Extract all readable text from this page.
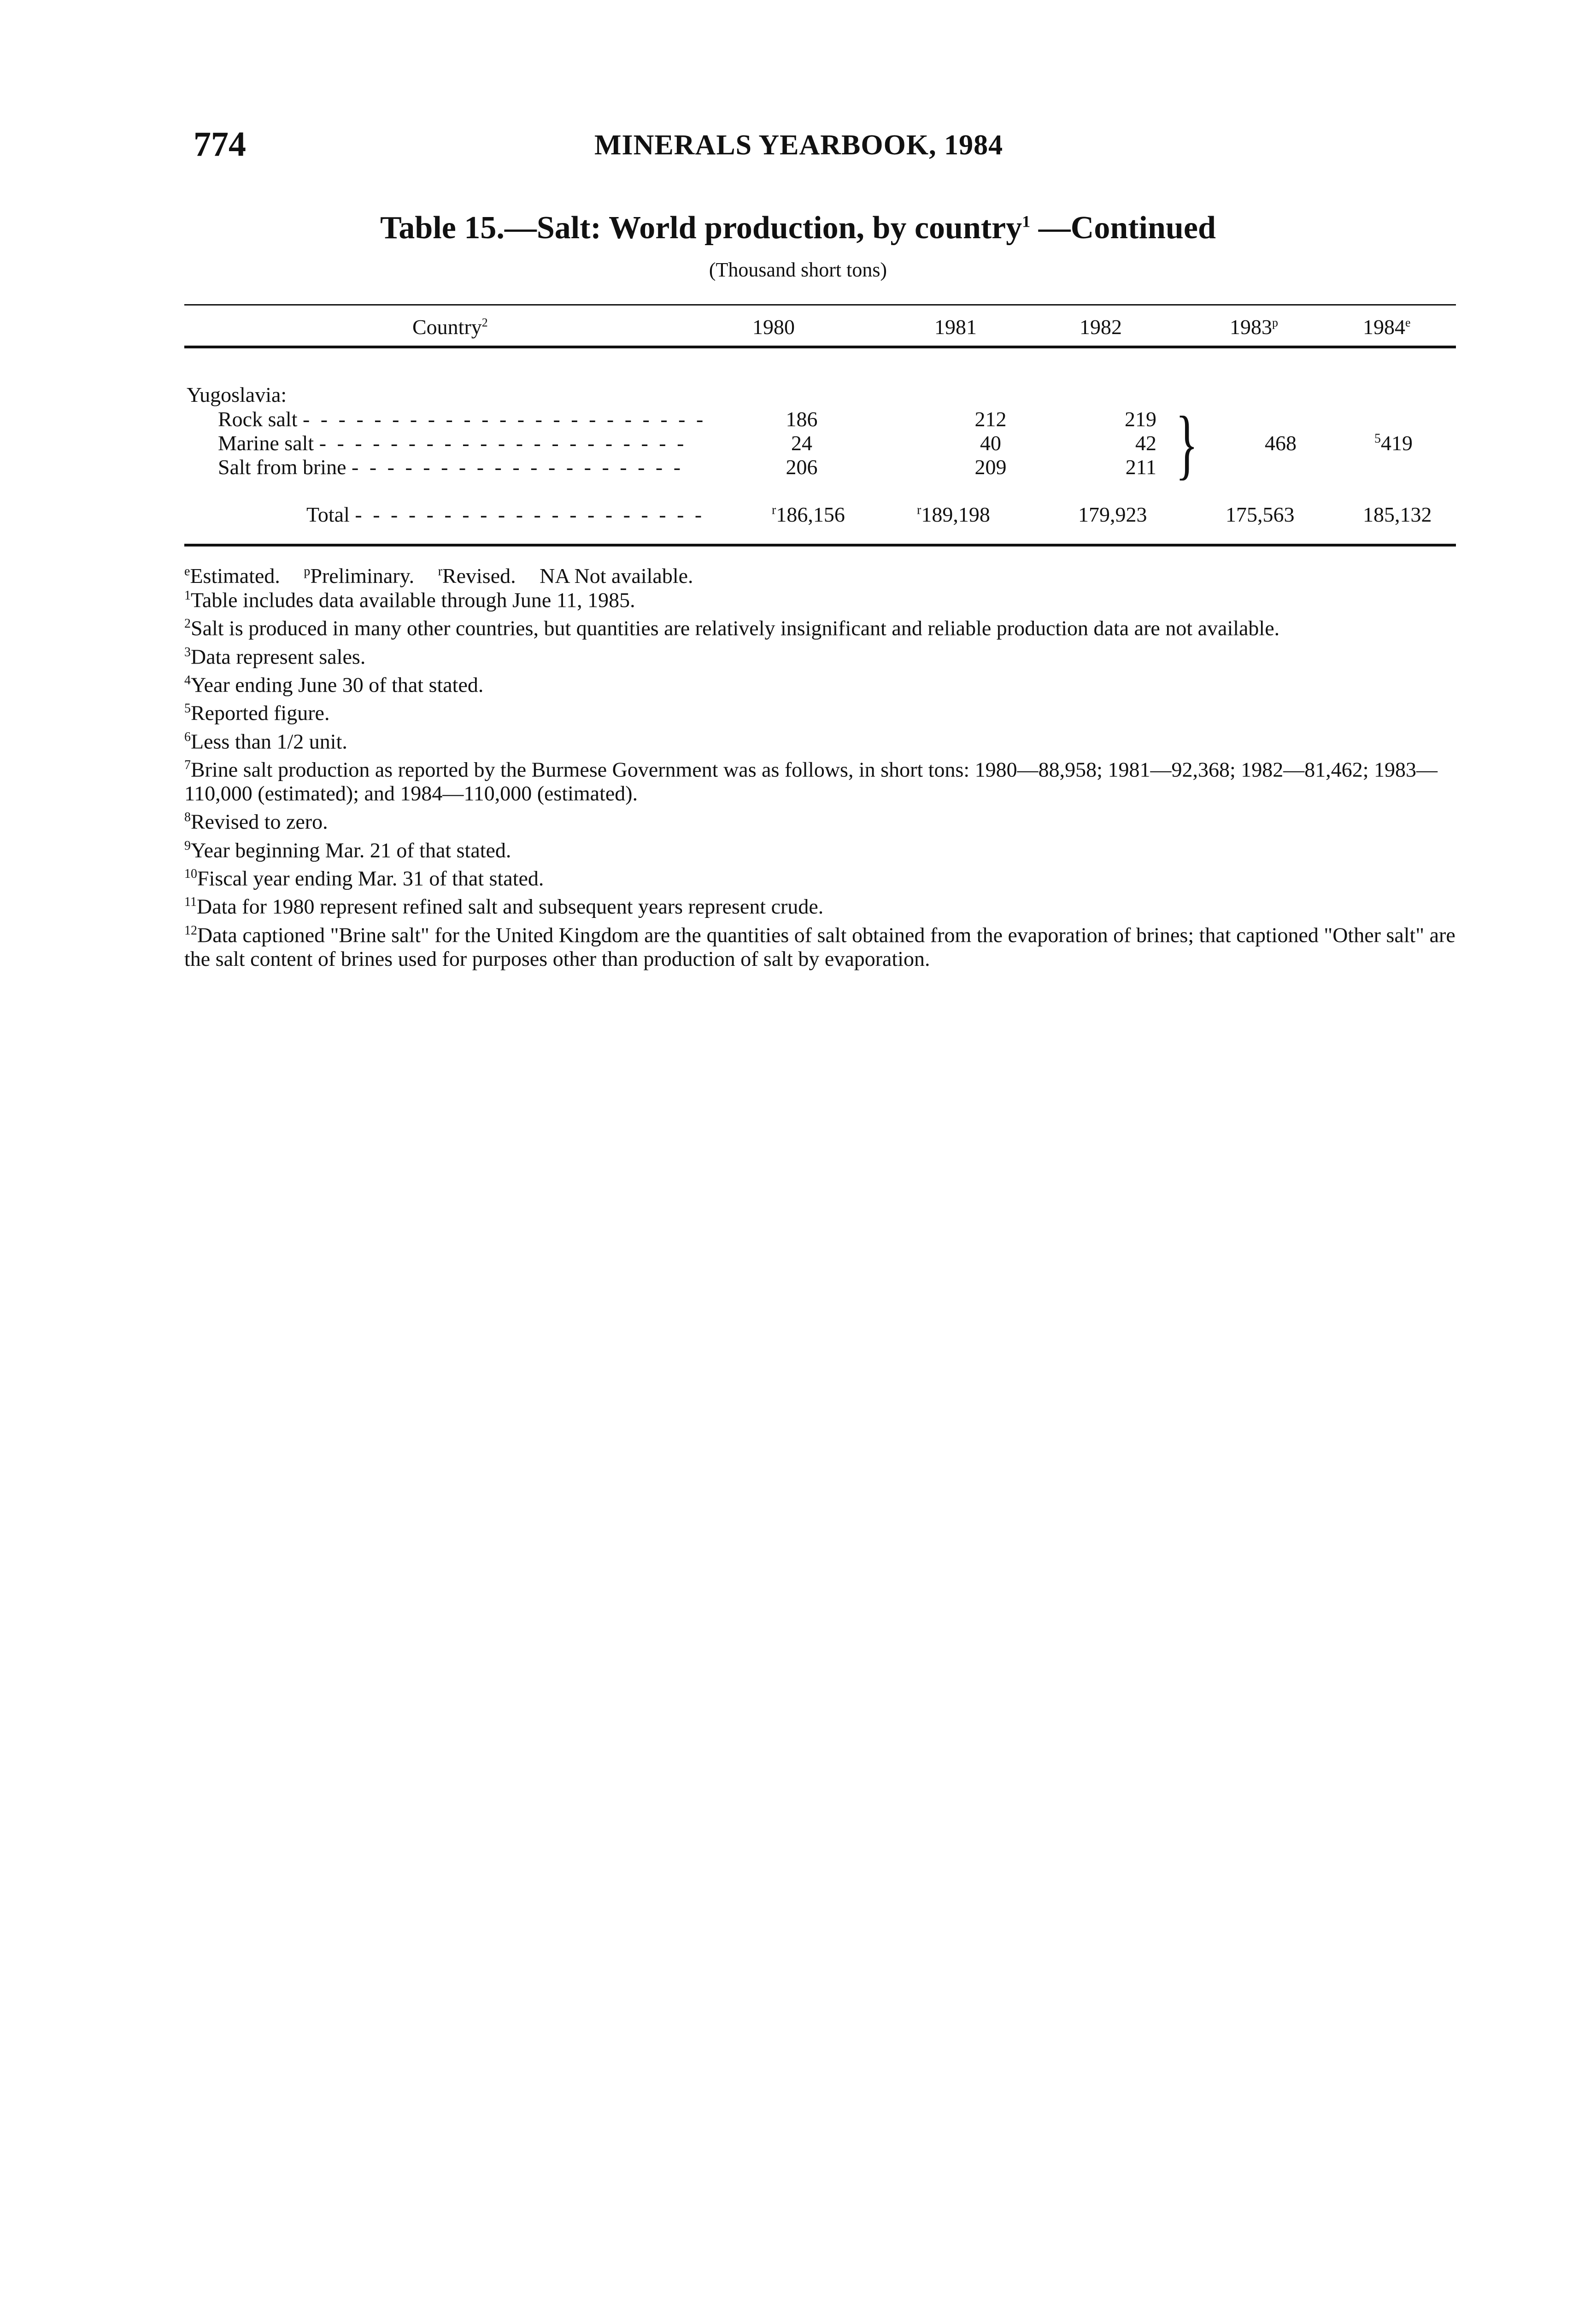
774	MINERALS YEARBOOK, 1984
Table 15.—Salt: World production, by country$^1$ —Continued
(Thousand short tons)
Country$^2$	1980	1981	1982	1983$^p$	1984e
Yugoslavia:
Rock salt - - - - - - - - - - - - - - - - - - - - - - -	186	212	219
Marine salt - - - - - - - - - - - - - - - - - - - - -	24	40	42
Salt from brine - - - - - - - - - - - - - - - - - - -	206	209	211 }	468	$^5$419
Total - - - - - - - - - - - - - - - - - - - -	$^r$186,156	$^r$189,198	179,923	175,563	185,132
$^e$Estimated. $^p$Preliminary. $^r$Revised. NA Not available.
$^1$Table includes data available through June 11, 1985.
$^2$Salt is produced in many other countries, but quantities are relatively insignificant and reliable production data are not available.
$^3$Data represent sales.
$^4$Year ending June 30 of that stated.
$^5$Reported figure.
$^6$Less than 1/2 unit.
$^7$Brine salt production as reported by the Burmese Government was as follows, in short tons: 1980—88,958; 1981—92,368; 1982—81,462; 1983—110,000 (estimated); and 1984—110,000 (estimated).
$^8$Revised to zero.
$^9$Year beginning Mar. 21 of that stated.
$^{10}$Fiscal year ending Mar. 31 of that stated.
$^{11}$Data for 1980 represent refined salt and subsequent years represent crude.
$^{12}$Data captioned "Brine salt" for the United Kingdom are the quantities of salt obtained from the evaporation of brines; that captioned "Other salt" are the salt content of brines used for purposes other than production of salt by evaporation.
